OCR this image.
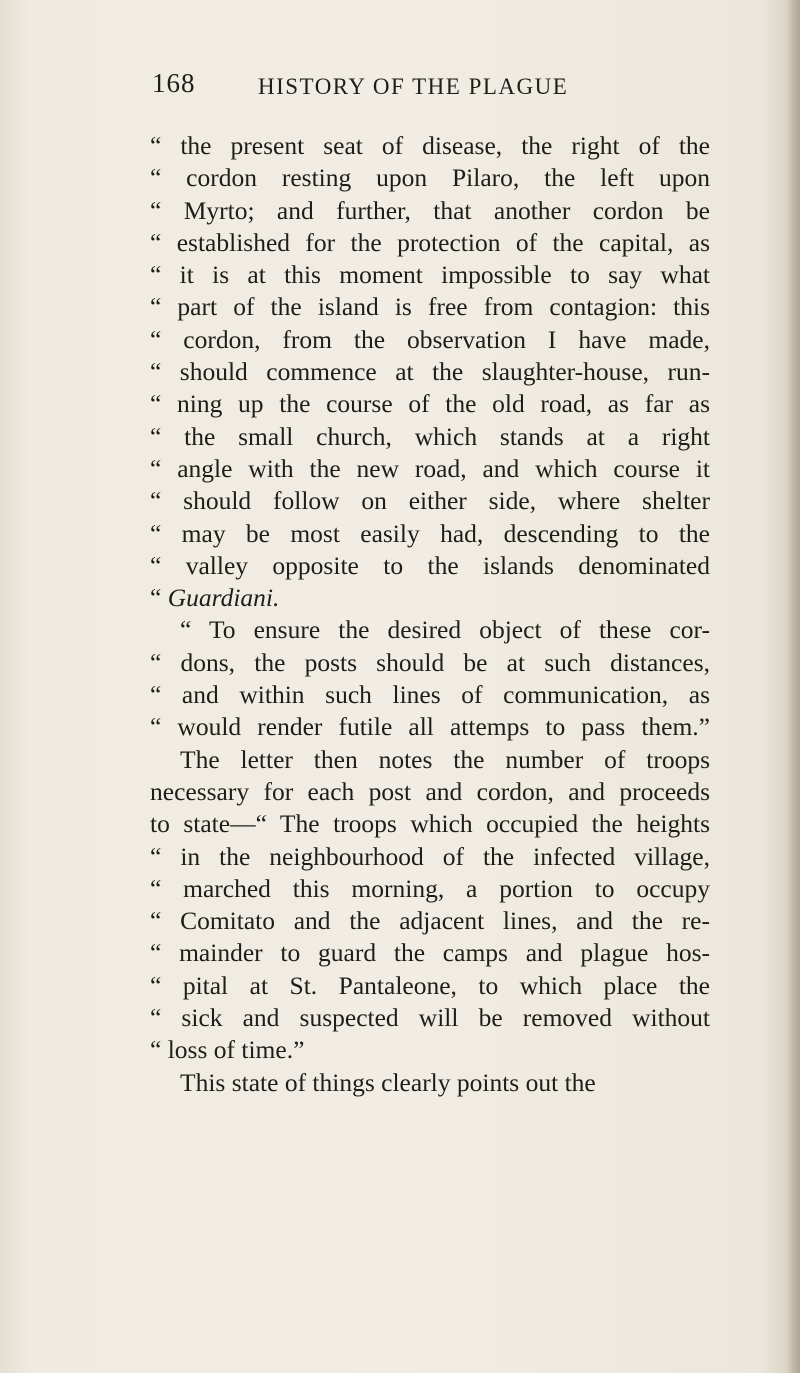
168	HISTORY OF THE PLAGUE
“ the present seat of disease, the right of the
“ cordon resting upon Pilaro, the left upon
“ Myrto; and further, that another cordon be
“ established for the protection of the capital, as
“ it is at this moment impossible to say what
“ part of the island is free from contagion: this
“ cordon, from the observation I have made,
“ should commence at the slaughter-house, run-
“ ning up the course of the old road, as far as
“ the small church, which stands at a right
“ angle with the new road, and which course it
“ should follow on either side, where shelter
“ may be most easily had, descending to the
“ valley opposite to the islands denominated
“ Guardiani.
“ To ensure the desired object of these cor-
“ dons, the posts should be at such distances,
“ and within such lines of communication, as
“ would render futile all attemps to pass them.”
The letter then notes the number of troops
necessary for each post and cordon, and proceeds
to state—“ The troops which occupied the heights
“ in the neighbourhood of the infected village,
“ marched this morning, a portion to occupy
“ Comitato and the adjacent lines, and the re-
“ mainder to guard the camps and plague hos-
“ pital at St. Pantaleone, to which place the
“ sick and suspected will be removed without
“ loss of time.”
This state of things clearly points out the
